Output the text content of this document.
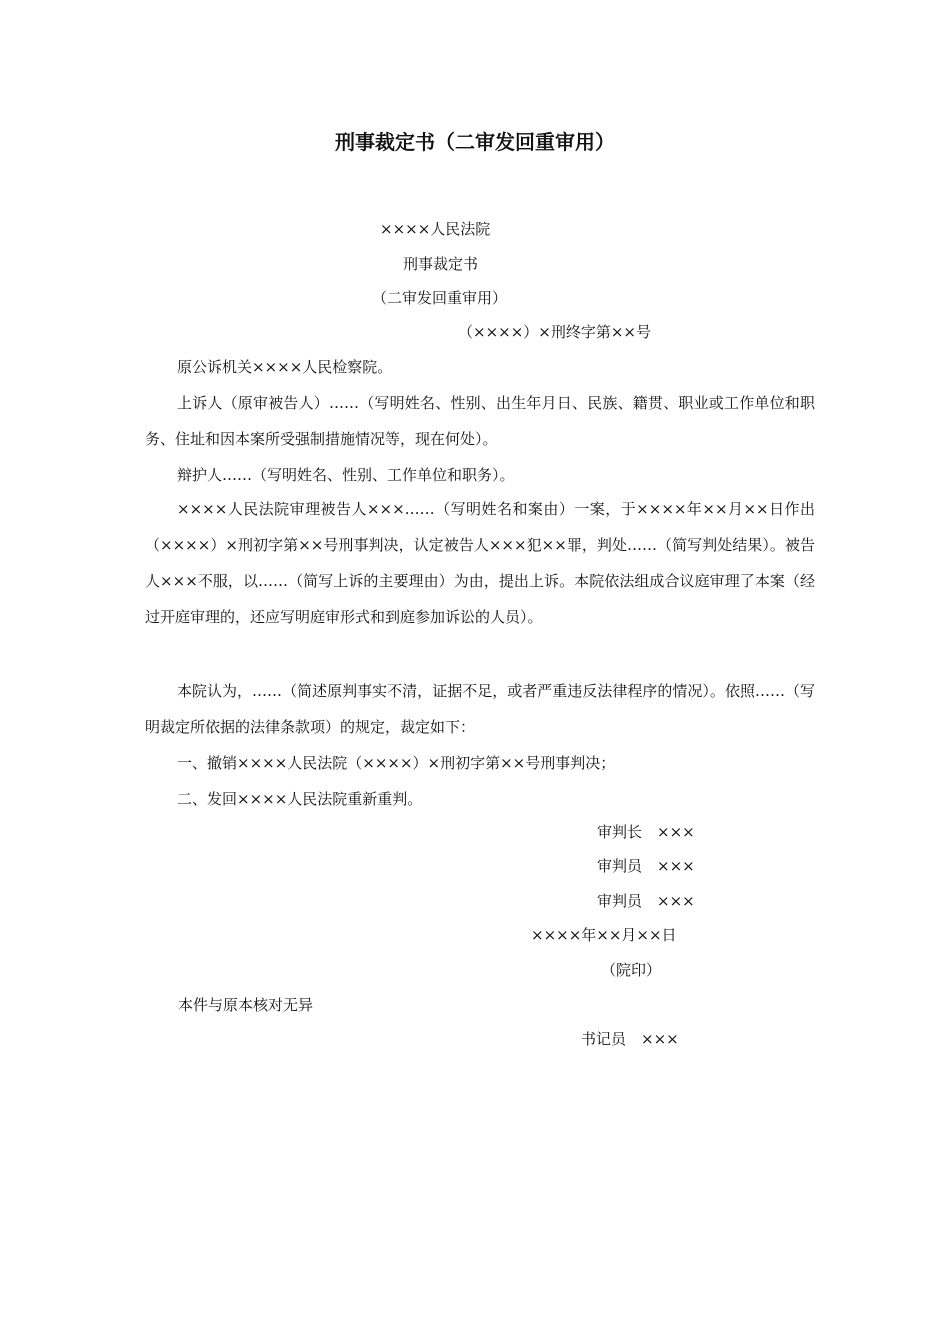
刑事裁定书（二审发回重审用）
××××人民法院
刑事裁定书
（二审发回重审用）
（××××）×刑终字第××号
原公诉机关××××人民检察院。
上诉人（原审被告人）……（写明姓名、性别、出生年月日、民族、籍贯、职业或工作单位和职务、住址和因本案所受强制措施情况等，现在何处）。
辩护人……（写明姓名、性别、工作单位和职务）。
××××人民法院审理被告人×××……（写明姓名和案由）一案，于××××年××月××日作出（××××）×刑初字第××号刑事判决，认定被告人×××犯××罪，判处……（简写判处结果）。被告人×××不服，以……（简写上诉的主要理由）为由，提出上诉。本院依法组成合议庭审理了本案（经过开庭审理的，还应写明庭审形式和到庭参加诉讼的人员）。
本院认为，……（简述原判事实不清，证据不足，或者严重违反法律程序的情况）。依照……（写明裁定所依据的法律条款项）的规定，裁定如下：
一、撤销××××人民法院（××××）×刑初字第××号刑事判决；
二、发回××××人民法院重新重判。
审判长　×××
审判员　×××
审判员　×××
××××年××月××日
（院印）
本件与原本核对无异
书记员　×××
